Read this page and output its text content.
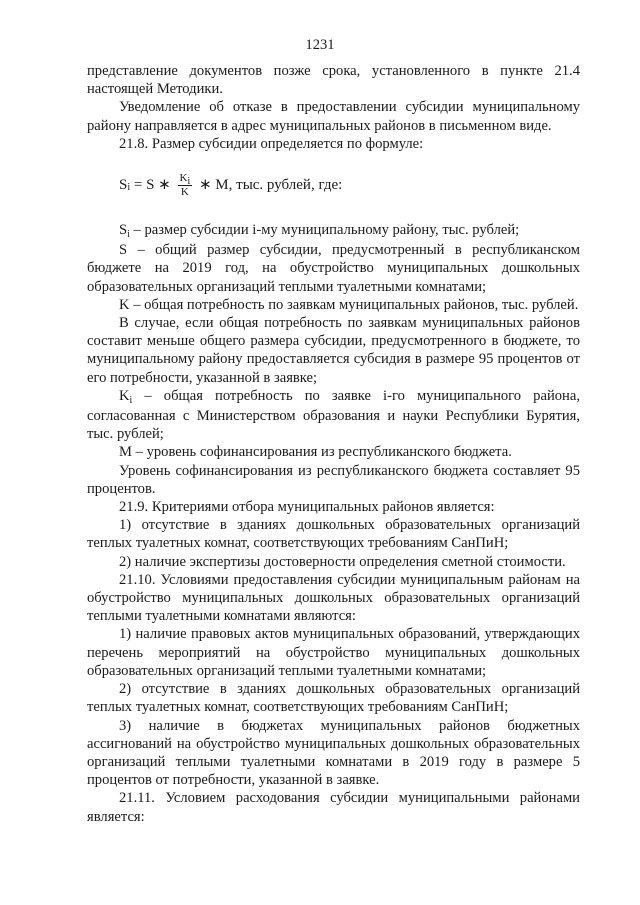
1231

представление документов позже срока, установленного в пункте 21.4 настоящей Методики.

Уведомление об отказе в предоставлении субсидии муниципальному району направляется в адрес муниципальных районов в письменном виде.

21.8. Размер субсидии определяется по формуле:

S i = S ∗ $\frac{Ki}{K}$ ∗ M, тыс. рублей, где:

$S_i$ – размер субсидии i-му муниципальному району, тыс. рублей;

S – общий размер субсидии, предусмотренный в республиканском бюджете на 2019 год, на обустройство муниципальных дошкольных образовательных организаций теплыми туалетными комнатами;

K – общая потребность по заявкам муниципальных районов, тыс. рублей.

В случае, если общая потребность по заявкам муниципальных районов составит меньше общего размера субсидии, предусмотренного в бюджете, то муниципальному району предоставляется субсидия в размере 95 процентов от его потребности, указанной в заявке;

$K_i$ – общая потребность по заявке i-го муниципального района, согласованная с Министерством образования и науки Республики Бурятия, тыс. рублей;

M – уровень софинансирования из республиканского бюджета.

Уровень софинансирования из республиканского бюджета составляет 95 процентов.

21.9. Критериями отбора муниципальных районов является:

1) отсутствие в зданиях дошкольных образовательных организаций теплых туалетных комнат, соответствующих требованиям СанПиН;

2) наличие экспертизы достоверности определения сметной стоимости.

21.10. Условиями предоставления субсидии муниципальным районам на обустройство муниципальных дошкольных образовательных организаций теплыми туалетными комнатами являются:

1) наличие правовых актов муниципальных образований, утверждающих перечень мероприятий на обустройство муниципальных дошкольных образовательных организаций теплыми туалетными комнатами;

2) отсутствие в зданиях дошкольных образовательных организаций теплых туалетных комнат, соответствующих требованиям СанПиН;

3) наличие в бюджетах муниципальных районов бюджетных ассигнований на обустройство муниципальных дошкольных образовательных организаций теплыми туалетными комнатами в 2019 году в размере 5 процентов от потребности, указанной в заявке.

21.11. Условием расходования субсидии муниципальными районами является:
